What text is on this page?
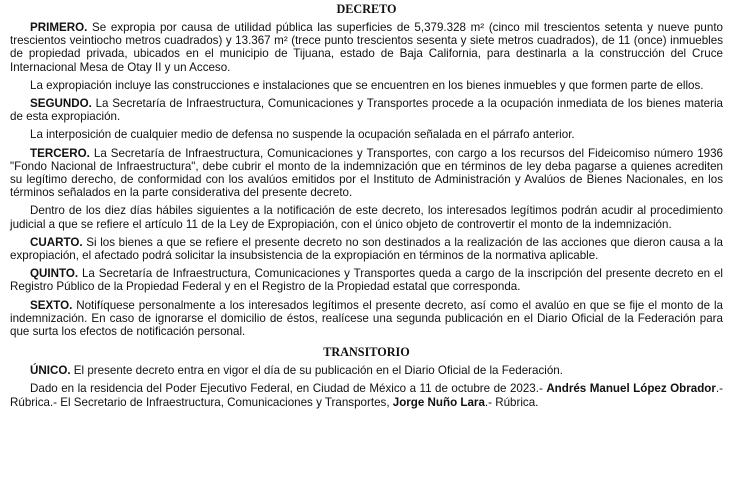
DECRETO

PRIMERO. Se expropia por causa de utilidad pública las superficies de 5,379.328 m² (cinco mil trescientos setenta y nueve punto trescientos veintiocho metros cuadrados) y 13.367 m² (trece punto trescientos sesenta y siete metros cuadrados), de 11 (once) inmuebles de propiedad privada, ubicados en el municipio de Tijuana, estado de Baja California, para destinarla a la construcción del Cruce Internacional Mesa de Otay II y un Acceso.

La expropiación incluye las construcciones e instalaciones que se encuentren en los bienes inmuebles y que formen parte de ellos.

SEGUNDO. La Secretaría de Infraestructura, Comunicaciones y Transportes procede a la ocupación inmediata de los bienes materia de esta expropiación.

La interposición de cualquier medio de defensa no suspende la ocupación señalada en el párrafo anterior.

TERCERO. La Secretaría de Infraestructura, Comunicaciones y Transportes, con cargo a los recursos del Fideicomiso número 1936 "Fondo Nacional de Infraestructura", debe cubrir el monto de la indemnización que en términos de ley deba pagarse a quienes acrediten su legítimo derecho, de conformidad con los avalúos emitidos por el Instituto de Administración y Avalúos de Bienes Nacionales, en los términos señalados en la parte considerativa del presente decreto.

Dentro de los diez días hábiles siguientes a la notificación de este decreto, los interesados legítimos podrán acudir al procedimiento judicial a que se refiere el artículo 11 de la Ley de Expropiación, con el único objeto de controvertir el monto de la indemnización.

CUARTO. Si los bienes a que se refiere el presente decreto no son destinados a la realización de las acciones que dieron causa a la expropiación, el afectado podrá solicitar la insubsistencia de la expropiación en términos de la normativa aplicable.

QUINTO. La Secretaría de Infraestructura, Comunicaciones y Transportes queda a cargo de la inscripción del presente decreto en el Registro Público de la Propiedad Federal y en el Registro de la Propiedad estatal que corresponda.

SEXTO. Notifíquese personalmente a los interesados legítimos el presente decreto, así como el avalúo en que se fije el monto de la indemnización. En caso de ignorarse el domicilio de éstos, realícese una segunda publicación en el Diario Oficial de la Federación para que surta los efectos de notificación personal.

TRANSITORIO

ÚNICO. El presente decreto entra en vigor el día de su publicación en el Diario Oficial de la Federación.

Dado en la residencia del Poder Ejecutivo Federal, en Ciudad de México a 11 de octubre de 2023.- Andrés Manuel López Obrador.- Rúbrica.- El Secretario de Infraestructura, Comunicaciones y Transportes, Jorge Nuño Lara.- Rúbrica.
